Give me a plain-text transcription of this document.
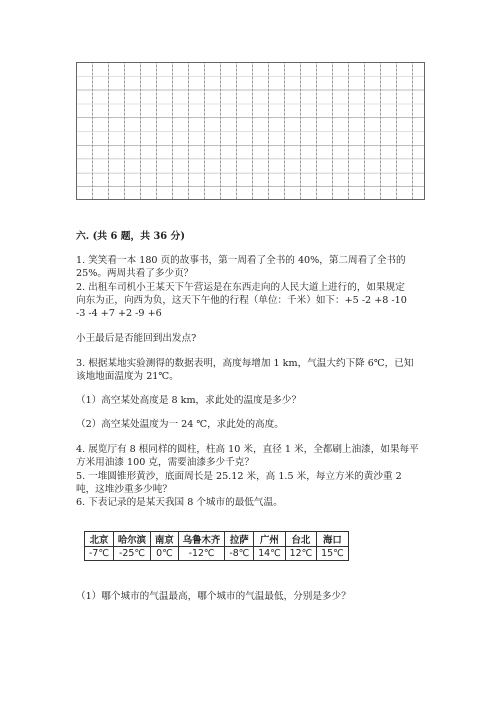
六. (共 6 题，共 36 分)
1. 笑笑看一本 180 页的故事书，第一周看了全书的 40%，第二周看了全书的
25%。两周共看了多少页？
2. 出租车司机小王某天下午营运是在东西走向的人民大道上进行的，如果规定
向东为正，向西为负，这天下午他的行程（单位：千米）如下：+5 -2 +8 -10
-3 -4 +7 +2 -9 +6
小王最后是否能回到出发点?
3. 根据某地实验测得的数据表明，高度每增加 1 km，气温大约下降 6℃，已知
该地地面温度为 21℃。
（1）高空某处高度是 8 km，求此处的温度是多少？
（2）高空某处温度为一 24 ℃，求此处的高度。
4. 展览厅有 8 根同样的圆柱，柱高 10 米，直径 1 米，全都刷上油漆，如果每平
方米用油漆 100 克，需要油漆多少千克？
5. 一堆圆锥形黄沙，底面周长是 25.12 米，高 1.5 米，每立方米的黄沙重 2
吨，这堆沙重多少吨？
6. 下表记录的是某天我国 8 个城市的最低气温。
北京	哈尔滨	南京	乌鲁木齐	拉萨	广州	台北	海口
-7℃	-25℃	0℃	-12℃	-8℃	14℃	12℃	15℃
（1）哪个城市的气温最高，哪个城市的气温最低，分别是多少？
